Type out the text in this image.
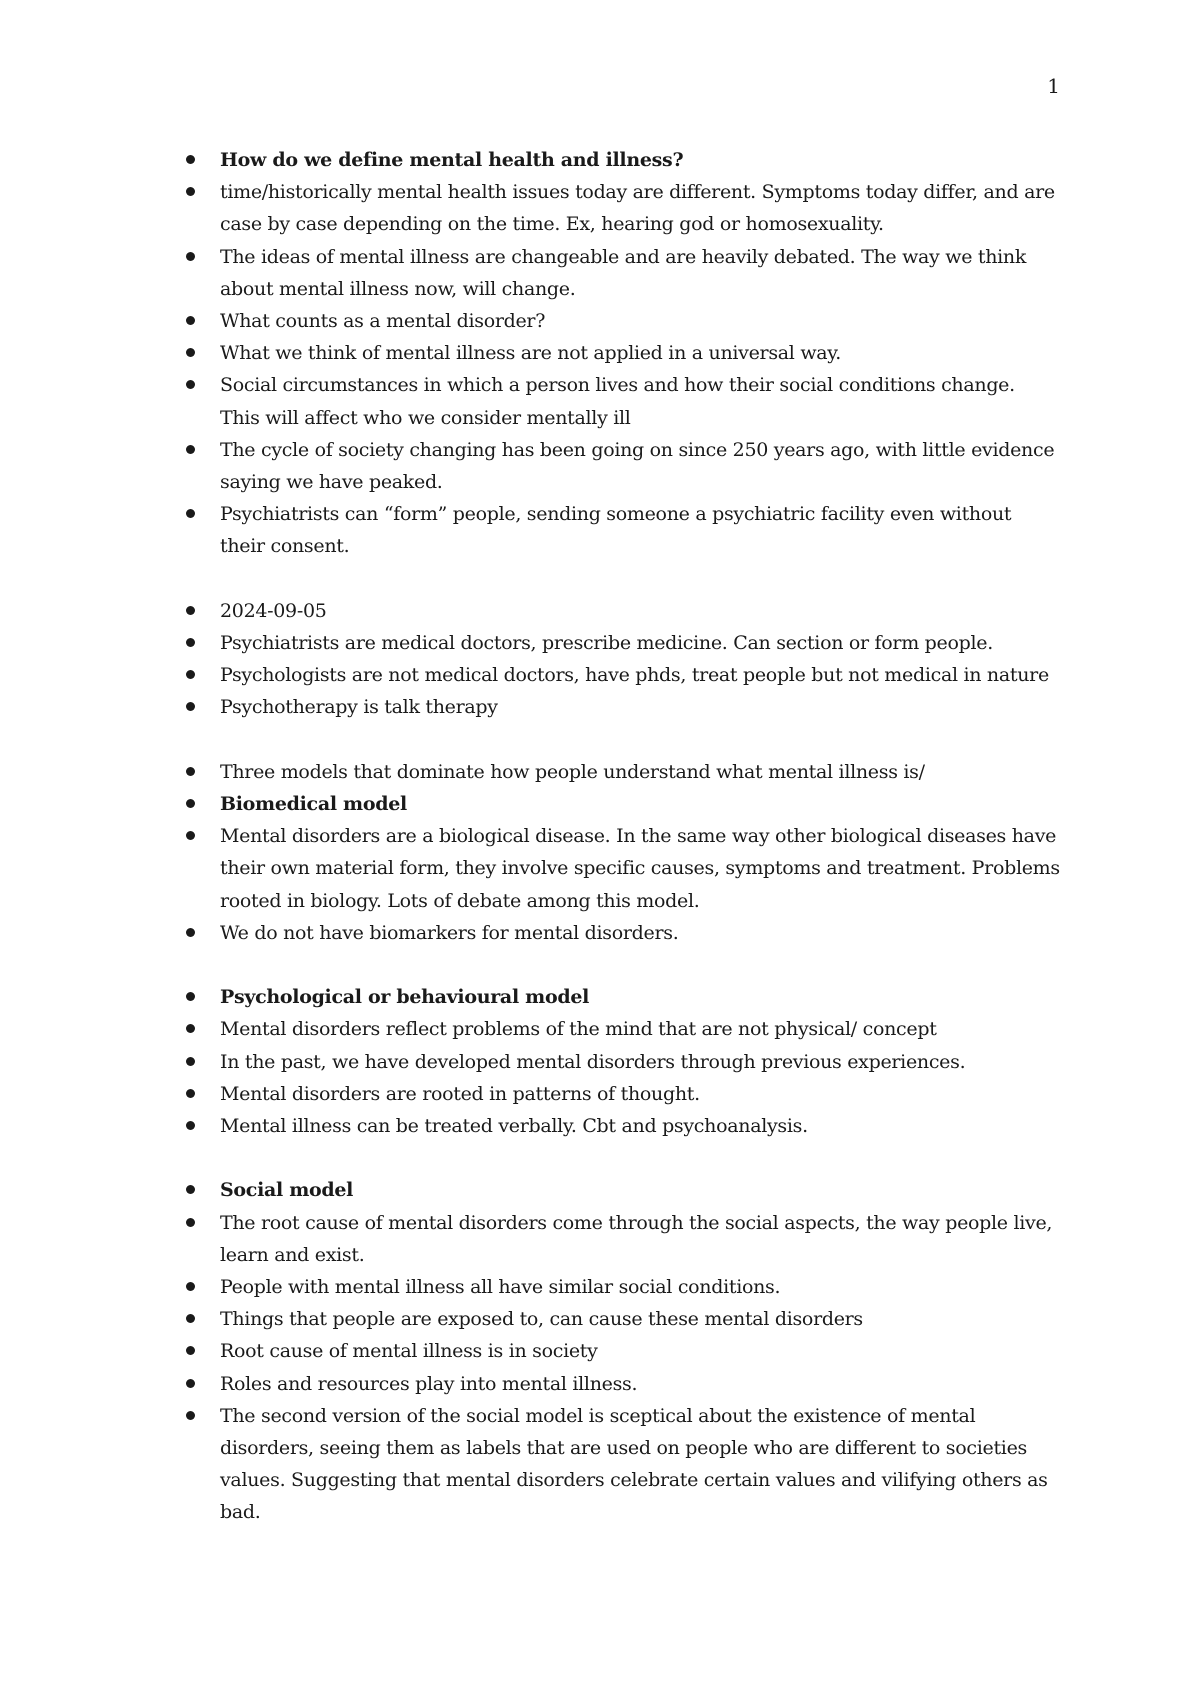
1
How do we define mental health and illness?
time/historically mental health issues today are different. Symptoms today differ, and are case by case depending on the time. Ex, hearing god or homosexuality.
The ideas of mental illness are changeable and are heavily debated. The way we think about mental illness now, will change.
What counts as a mental disorder?
What we think of mental illness are not applied in a universal way.
Social circumstances in which a person lives and how their social conditions change. This will affect who we consider mentally ill
The cycle of society changing has been going on since 250 years ago, with little evidence saying we have peaked.
Psychiatrists can “form” people, sending someone a psychiatric facility even without their consent.
2024-09-05
Psychiatrists are medical doctors, prescribe medicine. Can section or form people.
Psychologists are not medical doctors, have phds, treat people but not medical in nature
Psychotherapy is talk therapy
Three models that dominate how people understand what mental illness is/
Biomedical model
Mental disorders are a biological disease. In the same way other biological diseases have their own material form, they involve specific causes, symptoms and treatment. Problems rooted in biology. Lots of debate among this model.
We do not have biomarkers for mental disorders.
Psychological or behavioural model
Mental disorders reflect problems of the mind that are not physical/ concept
In the past, we have developed mental disorders through previous experiences.
Mental disorders are rooted in patterns of thought.
Mental illness can be treated verbally. Cbt and psychoanalysis.
Social model
The root cause of mental disorders come through the social aspects, the way people live, learn and exist.
People with mental illness all have similar social conditions.
Things that people are exposed to, can cause these mental disorders
Root cause of mental illness is in society
Roles and resources play into mental illness.
The second version of the social model is sceptical about the existence of mental disorders, seeing them as labels that are used on people who are different to societies values. Suggesting that mental disorders celebrate certain values and vilifying others as bad.
